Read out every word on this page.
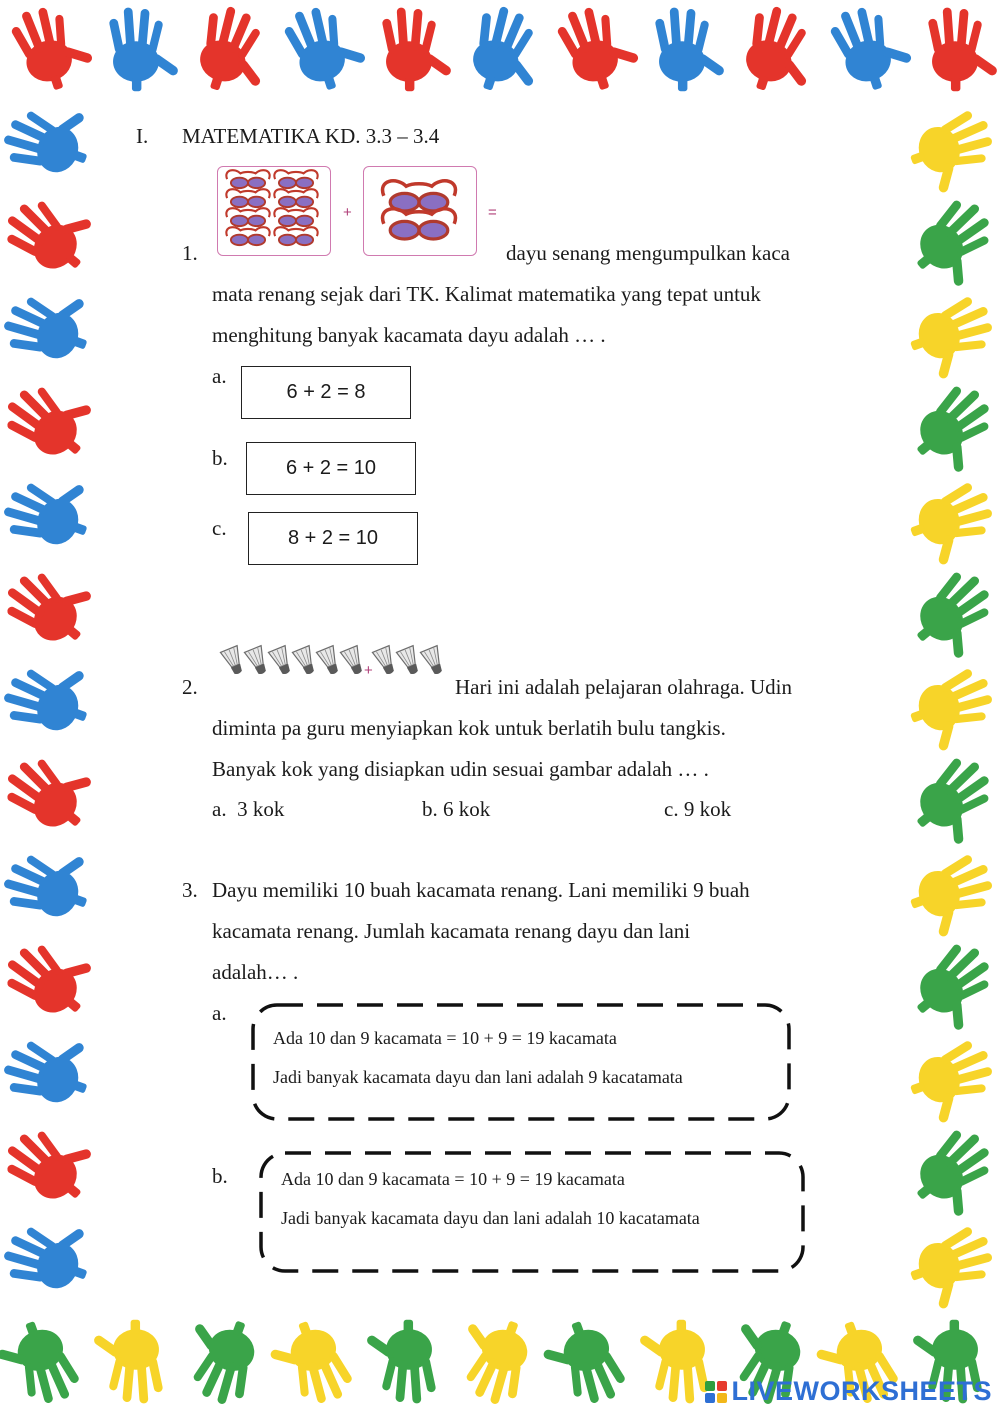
I. MATEMATIKA KD. 3.3 – 3.4
+	=
1.	dayu senang mengumpulkan kaca
mata renang sejak dari TK. Kalimat matematika yang tepat untuk
menghitung banyak kacamata dayu adalah … .
a.
6 + 2 = 8
b.	6 + 2 = 10
c.	8 + 2 = 10
+
2.	Hari ini adalah pelajaran olahraga. Udin
diminta pa guru menyiapkan kok untuk berlatih bulu tangkis.
Banyak kok yang disiapkan udin sesuai gambar adalah … .
a. 3 kok	b. 6 kok	c. 9 kok
3. Dayu memiliki 10 buah kacamata renang. Lani memiliki 9 buah
kacamata renang. Jumlah kacamata renang dayu dan lani
adalah… .
a.
Ada 10 dan 9 kacamata = 10 + 9 = 19 kacamata
Jadi banyak kacamata dayu dan lani adalah 9 kacatamata
b.	Ada 10 dan 9 kacamata = 10 + 9 = 19 kacamata
Jadi banyak kacamata dayu dan lani adalah 10 kacatamata
LIVEWORKSHEETS
